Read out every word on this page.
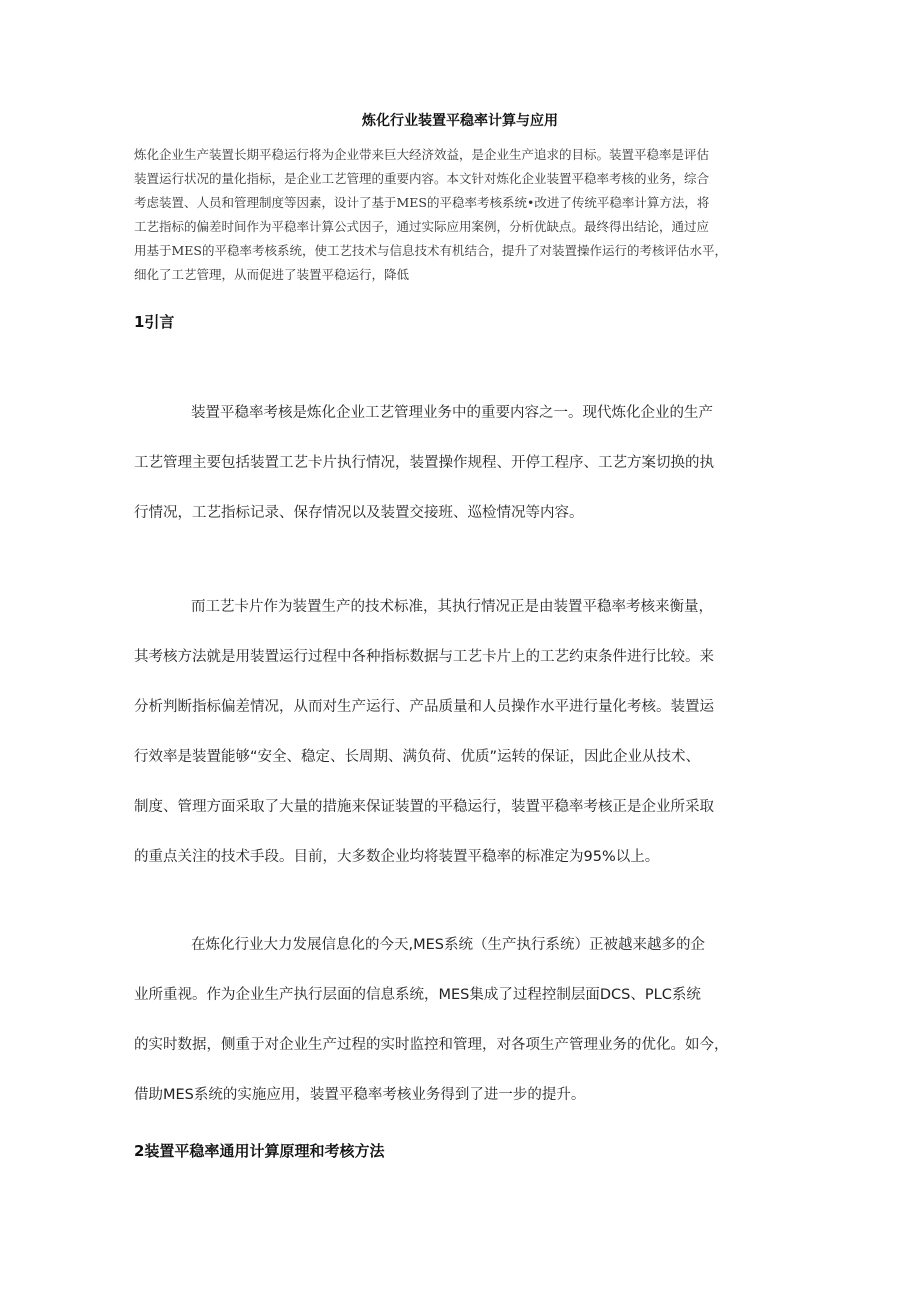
炼化行业装置平稳率计算与应用
炼化企业生产装置长期平稳运行将为企业带来巨大经济效益，是企业生产追求的目标。装置平稳率是评估
装置运行状况的量化指标，是企业工艺管理的重要内容。本文针对炼化企业装置平稳率考核的业务，综合
考虑装置、人员和管理制度等因素，设计了基于MES的平稳率考核系统•改进了传统平稳率计算方法，将
工艺指标的偏差时间作为平稳率计算公式因子，通过实际应用案例，分析优缺点。最终得出结论，通过应
用基于MES的平稳率考核系统，使工艺技术与信息技术有机结合，提升了对装置操作运行的考核评估水平，
细化了工艺管理，从而促进了装置平稳运行，降低
1引言
装置平稳率考核是炼化企业工艺管理业务中的重要内容之一。现代炼化企业的生产
工艺管理主要包括装置工艺卡片执行情况，装置操作规程、开停工程序、工艺方案切换的执
行情况，工艺指标记录、保存情况以及装置交接班、巡检情况等内容。
而工艺卡片作为装置生产的技术标准，其执行情况正是由装置平稳率考核来衡量，
其考核方法就是用装置运行过程中各种指标数据与工艺卡片上的工艺约束条件进行比较。来
分析判断指标偏差情况，从而对生产运行、产品质量和人员操作水平进行量化考核。装置运
行效率是装置能够“安全、稳定、长周期、满负荷、优质”运转的保证，因此企业从技术、
制度、管理方面采取了大量的措施来保证装置的平稳运行，装置平稳率考核正是企业所采取
的重点关注的技术手段。目前，大多数企业均将装置平稳率的标准定为95%以上。
在炼化行业大力发展信息化的今天,MES系统（生产执行系统）正被越来越多的企
业所重视。作为企业生产执行层面的信息系统，MES集成了过程控制层面DCS、PLC系统
的实时数据，侧重于对企业生产过程的实时监控和管理，对各项生产管理业务的优化。如今，
借助MES系统的实施应用，装置平稳率考核业务得到了进一步的提升。
2装置平稳率通用计算原理和考核方法
